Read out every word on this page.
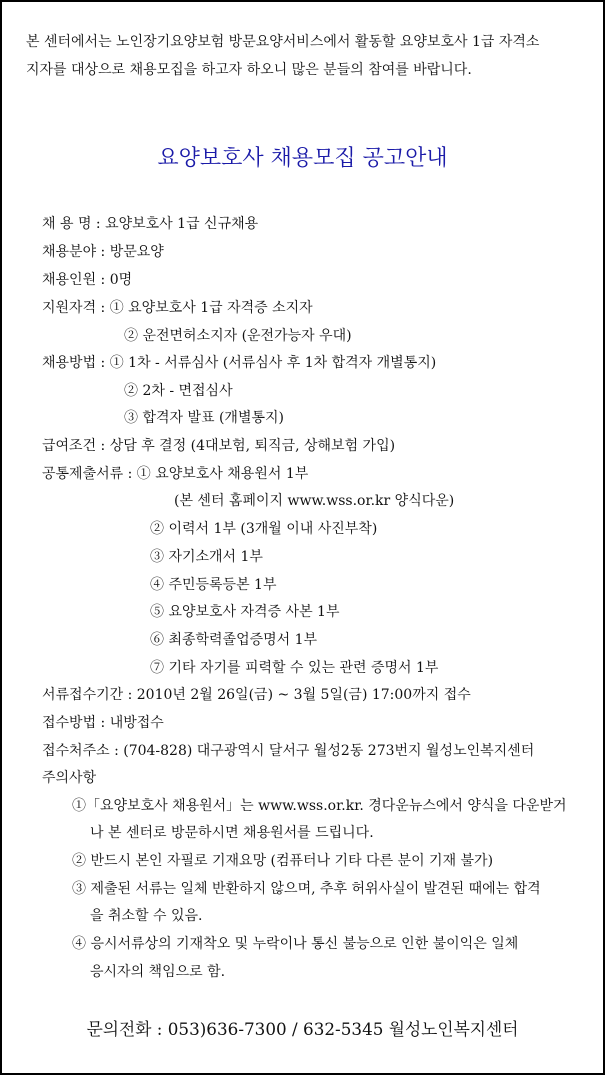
본 센터에서는 노인장기요양보험 방문요양서비스에서 활동할 요양보호사 1급 자격소
지자를 대상으로 채용모집을 하고자 하오니 많은 분들의 참여를 바랍니다.
요양보호사 채용모집 공고안내
채 용 명 : 요양보호사 1급 신규채용
채용분야 : 방문요양
채용인원 : 0명
지원자격 : ① 요양보호사 1급 자격증 소지자
② 운전면허소지자 (운전가능자 우대)
채용방법 : ① 1차 - 서류심사 (서류심사 후 1차 합격자 개별통지)
② 2차 - 면접심사
③ 합격자 발표 (개별통지)
급여조건 : 상담 후 결정 (4대보험, 퇴직금, 상해보험 가입)
공통제출서류 : ① 요양보호사 채용원서 1부
(본 센터 홈페이지 www.wss.or.kr 양식다운)
② 이력서 1부 (3개월 이내 사진부착)
③ 자기소개서 1부
④ 주민등록등본 1부
⑤ 요양보호사 자격증 사본 1부
⑥ 최종학력졸업증명서 1부
⑦ 기타 자기를 피력할 수 있는 관련 증명서 1부
서류접수기간 : 2010년 2월 26일(금) ~ 3월 5일(금) 17:00까지 접수
접수방법 : 내방접수
접수처주소 : (704-828) 대구광역시 달서구 월성2동 273번지 월성노인복지센터
주의사항
①「요양보호사 채용원서」는 www.wss.or.kr. 경다운뉴스에서 양식을 다운받거
나 본 센터로 방문하시면 채용원서를 드립니다.
② 반드시 본인 자필로 기재요망 (컴퓨터나 기타 다른 분이 기재 불가)
③ 제출된 서류는 일체 반환하지 않으며, 추후 허위사실이 발견된 때에는 합격
을 취소할 수 있음.
④ 응시서류상의 기재착오 및 누락이나 통신 불능으로 인한 불이익은 일체
응시자의 책임으로 함.
문의전화 : 053)636-7300 / 632-5345 월성노인복지센터
